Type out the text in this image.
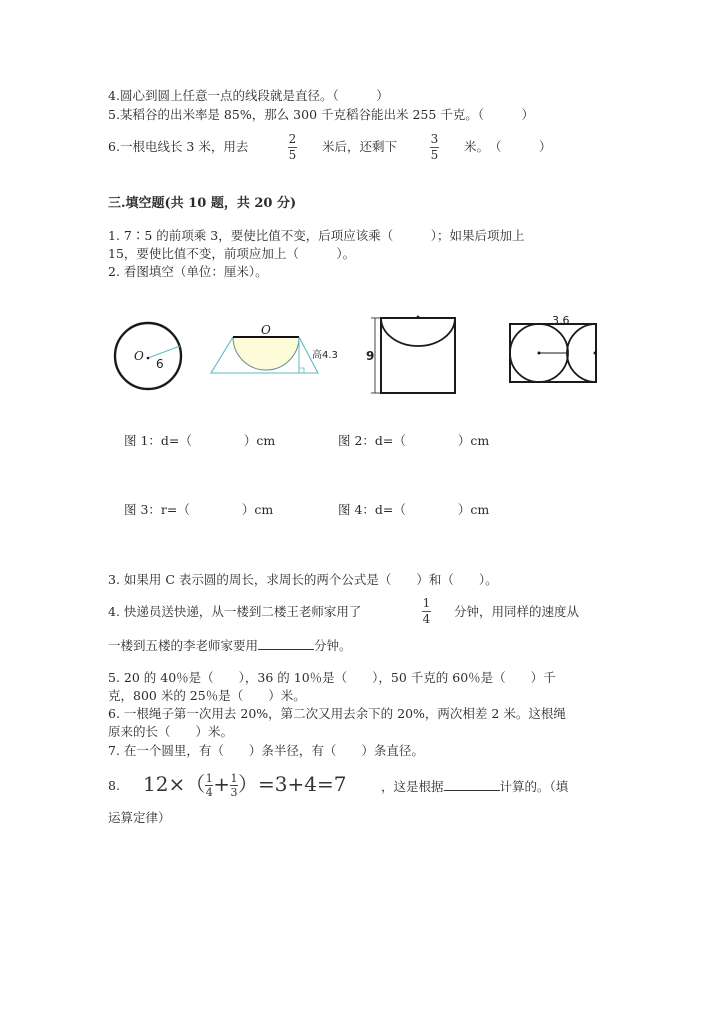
4.圆心到圆上任意一点的线段就是直径。（　　　）
5.某稻谷的出米率是 85%，那么 300 千克稻谷能出米 255 千克。（　　　）
6.一根电线长 3 米，用去	2
5
米后，还剩下	3
5
米。　（　　　）
三.填空题(共 10 题，共 20 分)
1. 7∶5 的前项乘 3，要使比值不变，后项应该乘（　　　）；如果后项加上
15，要使比值不变，前项应加上（　　　）。
2. 看图填空（单位：厘米）。
O
6
O
高4.3 9
3.6
图 1：d=（	）cm	图 2：d=（	）cm
图 3：r=（	）cm	图 4：d=（	）cm
3. 如果用 C 表示圆的周长，求周长的两个公式是（　　）和（　　）。
4. 快递员送快递，从一楼到二楼王老师家用了
1
4 分钟，用同样的速度从
一楼到五楼的李老师家要用	分钟。
5. 20 的 40％是（　　），36 的 10％是（　　），50 千克的 60％是（　　）千
克，800 米的 25％是（　　）米。
6. 一根绳子第一次用去 20%，第二次又用去余下的 20%，两次相差 2 米。这根绳
原来的长（　　）米。
7. 在一个圆里，有（　　）条半径，有（　　）条直径。
8. $12\times( \frac{1}{4} + \frac{1}{3} )=3+4=7$	，这是根据	计算的。（填
运算定律）
